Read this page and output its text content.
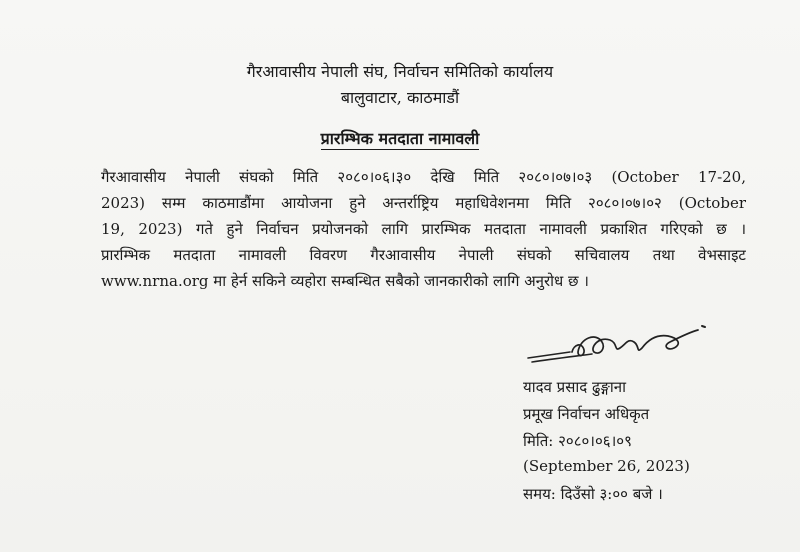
गैरआवासीय नेपाली संघ, निर्वाचन समितिको कार्यालय
बालुवाटार, काठमाडौं
प्रारम्भिक मतदाता नामावली
गैरआवासीय नेपाली संघको मिति २०८०।०६।३० देखि मिति २०८०।०७।०३ (October 17-20,
2023) सम्म काठमाडौंमा आयोजना हुने अन्तर्राष्ट्रिय महाधिवेशनमा मिति २०८०।०७।०२ (October
19, 2023) गते हुने निर्वाचन प्रयोजनको लागि प्रारम्भिक मतदाता नामावली प्रकाशित गरिएको छ ।
प्रारम्भिक मतदाता नामावली विवरण गैरआवासीय नेपाली संघको सचिवालय तथा वेभसाइट
www.nrna.org मा हेर्न सकिने व्यहोरा सम्बन्धित सबैको जानकारीको लागि अनुरोध छ ।
यादव प्रसाद ढुङ्गाना
प्रमूख निर्वाचन अधिकृत
मिति: २०८०।०६।०९
(September 26, 2023)
समय: दिउँसो ३:०० बजे ।
